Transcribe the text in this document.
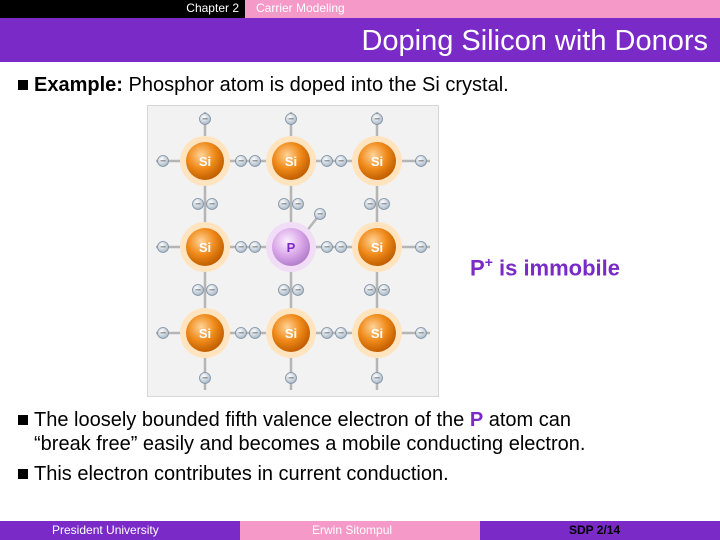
Chapter 2 Carrier Modeling
Doping Silicon with Donors
Example: Phosphor atom is doped into the Si crystal.
−	− −	− −	−
−	− −	− −	−
−	− −	− −	−
−
− −
− −
−
−
− −
− −
−
−
− −
− −
−
−
Si	Si	Si
Si	P	Si
Si	Si	Si
P+ is immobile
The loosely bounded fifth valence electron of the P atom can
“break free” easily and becomes a mobile conducting electron.
This electron contributes in current conduction.
President University	Erwin Sitompul	SDP 2/14
